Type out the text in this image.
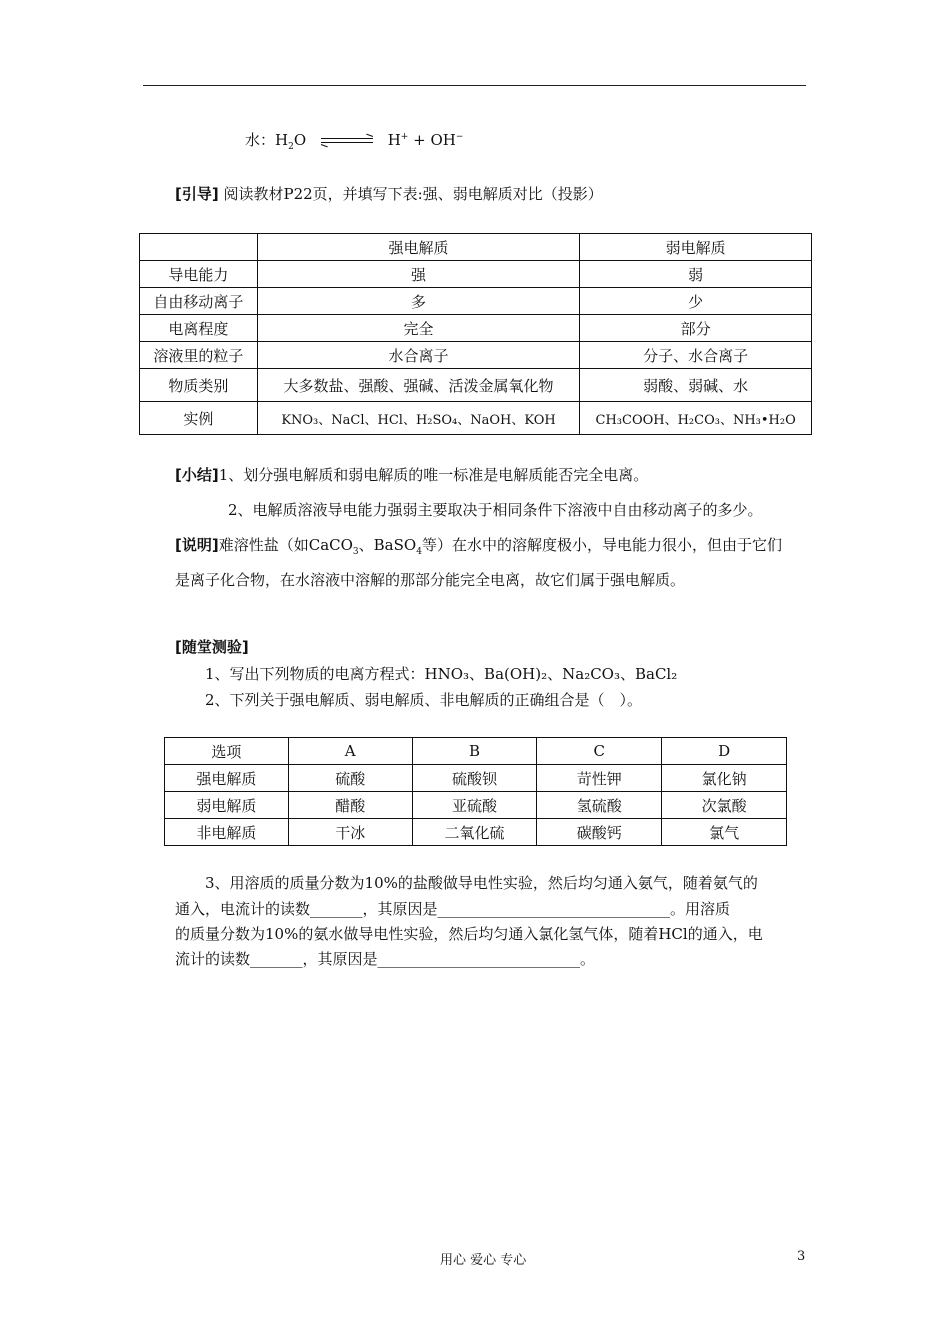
水：$H_2O$ ⇌ H+ + OH−
[引导] 阅读教材P22页，并填写下表:强、弱电解质对比（投影）
	强电解质	弱电解质
导电能力	强	弱
自由移动离子	多	少
电离程度	完全	部分
溶液里的粒子	水合离子	分子、水合离子
物质类别	大多数盐、强酸、强碱、活泼金属氧化物	弱酸、弱碱、水
实例	KNO₃、NaCl、HCl、H₂SO₄、NaOH、KOH	CH₃COOH、H₂CO₃、NH₃•H₂O
[小结]1、划分强电解质和弱电解质的唯一标准是电解质能否完全电离。
2、电解质溶液导电能力强弱主要取决于相同条件下溶液中自由移动离子的多少。
[说明]难溶性盐（如CaCO$_3$、BaSO$_4$等）在水中的溶解度极小，导电能力很小，但由于它们
是离子化合物，在水溶液中溶解的那部分能完全电离，故它们属于强电解质。
[随堂测验]
1、写出下列物质的电离方程式：HNO₃、Ba(OH)₂、Na₂CO₃、BaCl₂
2、下列关于强电解质、弱电解质、非电解质的正确组合是（　）。
选项	A	B	C	D
强电解质	硫酸	硫酸钡	苛性钾	氯化钠
弱电解质	醋酸	亚硫酸	氢硫酸	次氯酸
非电解质	干冰	二氧化硫	碳酸钙	氯气
3、用溶质的质量分数为10%的盐酸做导电性实验，然后均匀通入氨气，随着氨气的
通入，电流计的读数_______，其原因是_______________________________。用溶质
的质量分数为10%的氨水做导电性实验，然后均匀通入氯化氢气体，随着HCl的通入，电
流计的读数_______，其原因是___________________________。
用心 爱心 专心	3
